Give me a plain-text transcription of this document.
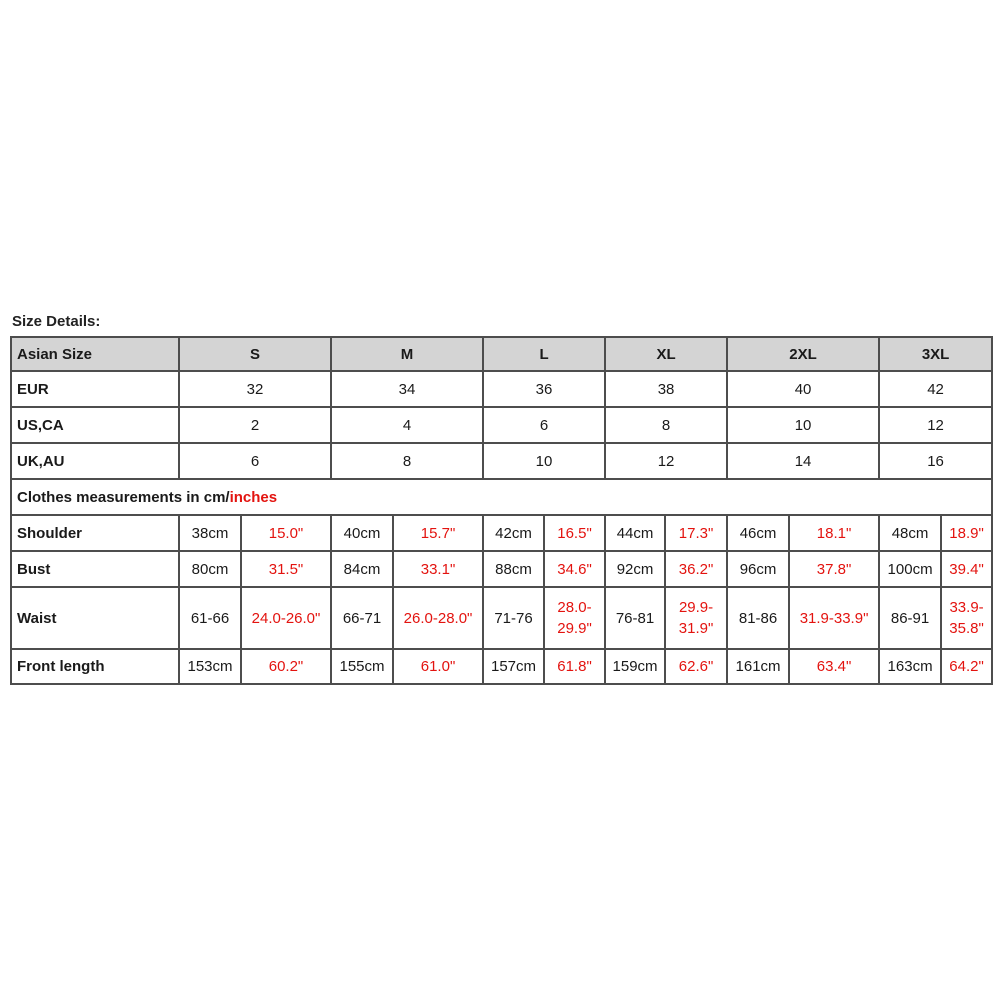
Size Details:
Asian Size	S		M		L		XL		2XL		3XL	
EUR	32		34		36		38		40		42	
US,CA	2		4		6		8		10		12	
UK,AU	6		8		10		12		14		16	
Clothes measurements in cm/inches												
Shoulder	38cm	15.0"	40cm	15.7"	42cm	16.5"	44cm	17.3"	46cm	18.1"	48cm	18.9"
Bust	80cm	31.5"	84cm	33.1"	88cm	34.6"	92cm	36.2"	96cm	37.8"	100cm	39.4"
Waist	61-66	24.0-26.0"	66-71	26.0-28.0"	71-76	28.0-29.9"	76-81	29.9-31.9"	81-86	31.9-33.9"	86-91	33.9-35.8"
Front length	153cm	60.2"	155cm	61.0"	157cm	61.8"	159cm	62.6"	161cm	63.4"	163cm	64.2"
